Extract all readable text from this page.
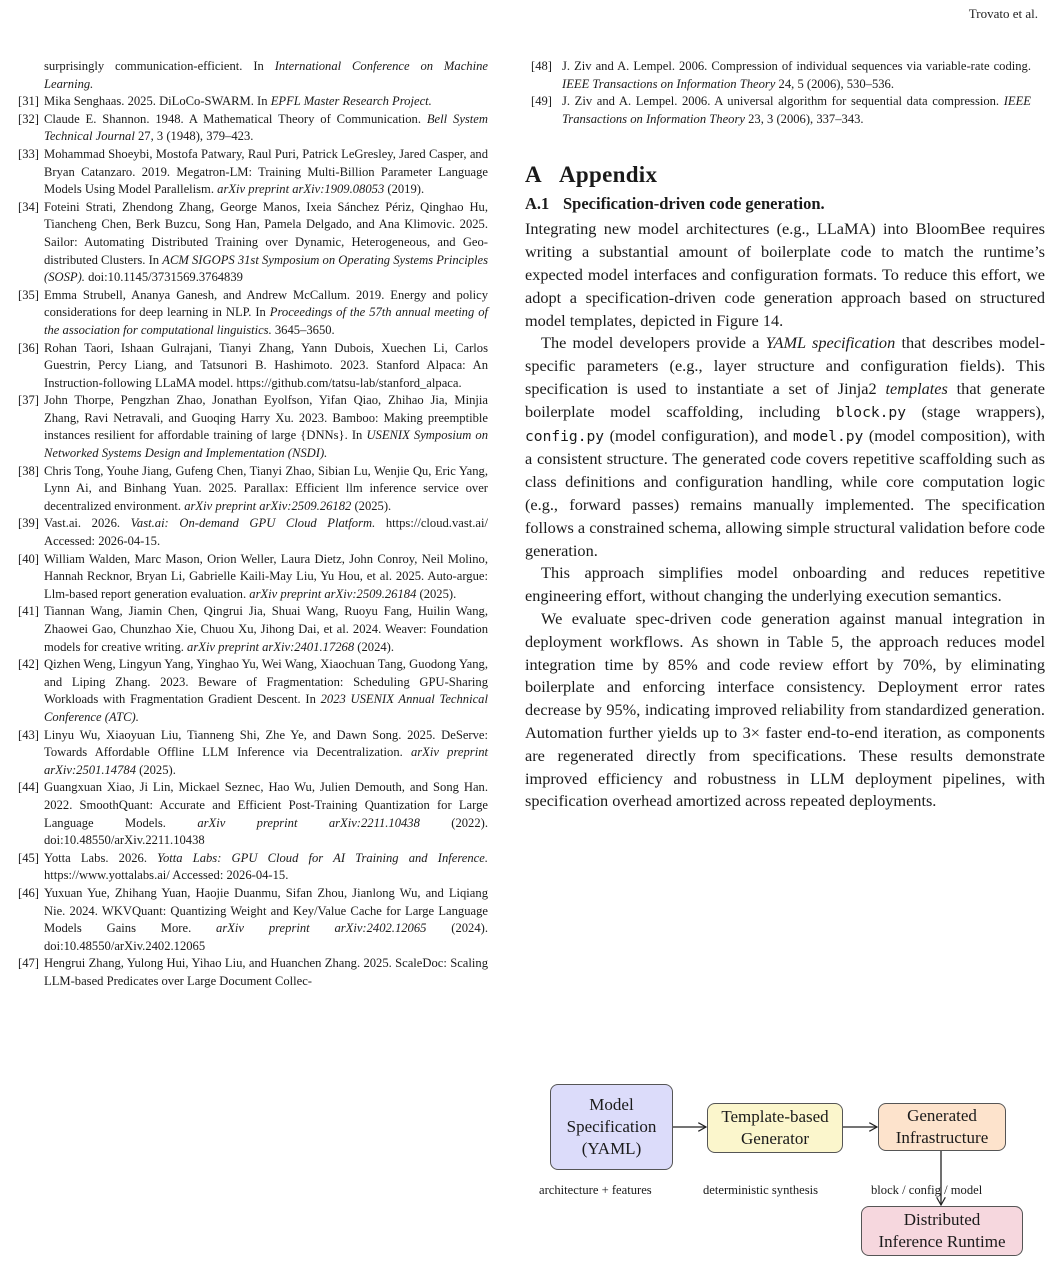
Trovato et al.
surprisingly communication-efficient. In International Conference on Machine Learning.
[31] Mika Senghaas. 2025. DiLoCo-SWARM. In EPFL Master Research Project.
[32] Claude E. Shannon. 1948. A Mathematical Theory of Communication. Bell System Technical Journal 27, 3 (1948), 379–423.
[33] Mohammad Shoeybi, Mostofa Patwary, Raul Puri, Patrick LeGresley, Jared Casper, and Bryan Catanzaro. 2019. Megatron-LM: Training Multi-Billion Parameter Language Models Using Model Parallelism. arXiv preprint arXiv:1909.08053 (2019).
[34] Foteini Strati, Zhendong Zhang, George Manos, Ixeia Sánchez Périz, Qinghao Hu, Tiancheng Chen, Berk Buzcu, Song Han, Pamela Delgado, and Ana Klimovic. 2025. Sailor: Automating Distributed Training over Dynamic, Heterogeneous, and Geo-distributed Clusters. In ACM SIGOPS 31st Symposium on Operating Systems Principles (SOSP). doi:10.1145/3731569.3764839
[35] Emma Strubell, Ananya Ganesh, and Andrew McCallum. 2019. Energy and policy considerations for deep learning in NLP. In Proceedings of the 57th annual meeting of the association for computational linguistics. 3645–3650.
[36] Rohan Taori, Ishaan Gulrajani, Tianyi Zhang, Yann Dubois, Xuechen Li, Carlos Guestrin, Percy Liang, and Tatsunori B. Hashimoto. 2023. Stanford Alpaca: An Instruction-following LLaMA model. https://github.com/tatsu-lab/stanford_alpaca.
[37] John Thorpe, Pengzhan Zhao, Jonathan Eyolfson, Yifan Qiao, Zhihao Jia, Minjia Zhang, Ravi Netravali, and Guoqing Harry Xu. 2023. Bamboo: Making preemptible instances resilient for affordable training of large {DNNs}. In USENIX Symposium on Networked Systems Design and Implementation (NSDI).
[38] Chris Tong, Youhe Jiang, Gufeng Chen, Tianyi Zhao, Sibian Lu, Wenjie Qu, Eric Yang, Lynn Ai, and Binhang Yuan. 2025. Parallax: Efficient llm inference service over decentralized environment. arXiv preprint arXiv:2509.26182 (2025).
[39] Vast.ai. 2026. Vast.ai: On-demand GPU Cloud Platform. https://cloud.vast.ai/ Accessed: 2026-04-15.
[40] William Walden, Marc Mason, Orion Weller, Laura Dietz, John Conroy, Neil Molino, Hannah Recknor, Bryan Li, Gabrielle Kaili-May Liu, Yu Hou, et al. 2025. Auto-argue: Llm-based report generation evaluation. arXiv preprint arXiv:2509.26184 (2025).
[41] Tiannan Wang, Jiamin Chen, Qingrui Jia, Shuai Wang, Ruoyu Fang, Huilin Wang, Zhaowei Gao, Chunzhao Xie, Chuou Xu, Jihong Dai, et al. 2024. Weaver: Foundation models for creative writing. arXiv preprint arXiv:2401.17268 (2024).
[42] Qizhen Weng, Lingyun Yang, Yinghao Yu, Wei Wang, Xiaochuan Tang, Guodong Yang, and Liping Zhang. 2023. Beware of Fragmentation: Scheduling GPU-Sharing Workloads with Fragmentation Gradient Descent. In 2023 USENIX Annual Technical Conference (ATC).
[43] Linyu Wu, Xiaoyuan Liu, Tianneng Shi, Zhe Ye, and Dawn Song. 2025. DeServe: Towards Affordable Offline LLM Inference via Decentralization. arXiv preprint arXiv:2501.14784 (2025).
[44] Guangxuan Xiao, Ji Lin, Mickael Seznec, Hao Wu, Julien Demouth, and Song Han. 2022. SmoothQuant: Accurate and Efficient Post-Training Quantization for Large Language Models. arXiv preprint arXiv:2211.10438 (2022). doi:10.48550/arXiv.2211.10438
[45] Yotta Labs. 2026. Yotta Labs: GPU Cloud for AI Training and Inference. https://www.yottalabs.ai/ Accessed: 2026-04-15.
[46] Yuxuan Yue, Zhihang Yuan, Haojie Duanmu, Sifan Zhou, Jianlong Wu, and Liqiang Nie. 2024. WKVQuant: Quantizing Weight and Key/Value Cache for Large Language Models Gains More. arXiv preprint arXiv:2402.12065 (2024). doi:10.48550/arXiv.2402.12065
[47] Hengrui Zhang, Yulong Hui, Yihao Liu, and Huanchen Zhang. 2025. ScaleDoc: Scaling LLM-based Predicates over Large Document Collec-
[48] J. Ziv and A. Lempel. 2006. Compression of individual sequences via variable-rate coding. IEEE Transactions on Information Theory 24, 5 (2006), 530–536.
[49] J. Ziv and A. Lempel. 2006. A universal algorithm for sequential data compression. IEEE Transactions on Information Theory 23, 3 (2006), 337–343.
A Appendix
A.1 Specification-driven code generation.

Integrating new model architectures (e.g., LLaMA) into BloomBee requires writing a substantial amount of boilerplate code to match the runtime’s expected model interfaces and configuration formats. To reduce this effort, we adopt a specification-driven code generation approach based on structured model templates, depicted in Figure 14.

The model developers provide a YAML specification that describes model-specific parameters (e.g., layer structure and configuration fields). This specification is used to instantiate a set of Jinja2 templates that generate boilerplate model scaffolding, including block.py (stage wrappers), config.py (model configuration), and model.py (model composition), with a consistent structure. The generated code covers repetitive scaffolding such as class definitions and configuration handling, while core computation logic (e.g., forward passes) remains manually implemented. The specification follows a constrained schema, allowing simple structural validation before code generation.

This approach simplifies model onboarding and reduces repetitive engineering effort, without changing the underlying execution semantics.

We evaluate spec-driven code generation against manual integration in deployment workflows. As shown in Table 5, the approach reduces model integration time by 85% and code review effort by 70%, by eliminating boilerplate and enforcing interface consistency. Deployment error rates decrease by 95%, indicating improved reliability from standardized generation. Automation further yields up to 3× faster end-to-end iteration, as components are regenerated directly from specifications. These results demonstrate improved efficiency and robustness in LLM deployment pipelines, with specification overhead amortized across repeated deployments.

Model
Specification
(YAML)
Template-based
Generator
Generated
Infrastructure
Distributed
Inference Runtime
architecture + features	deterministic synthesis	block / config / model
